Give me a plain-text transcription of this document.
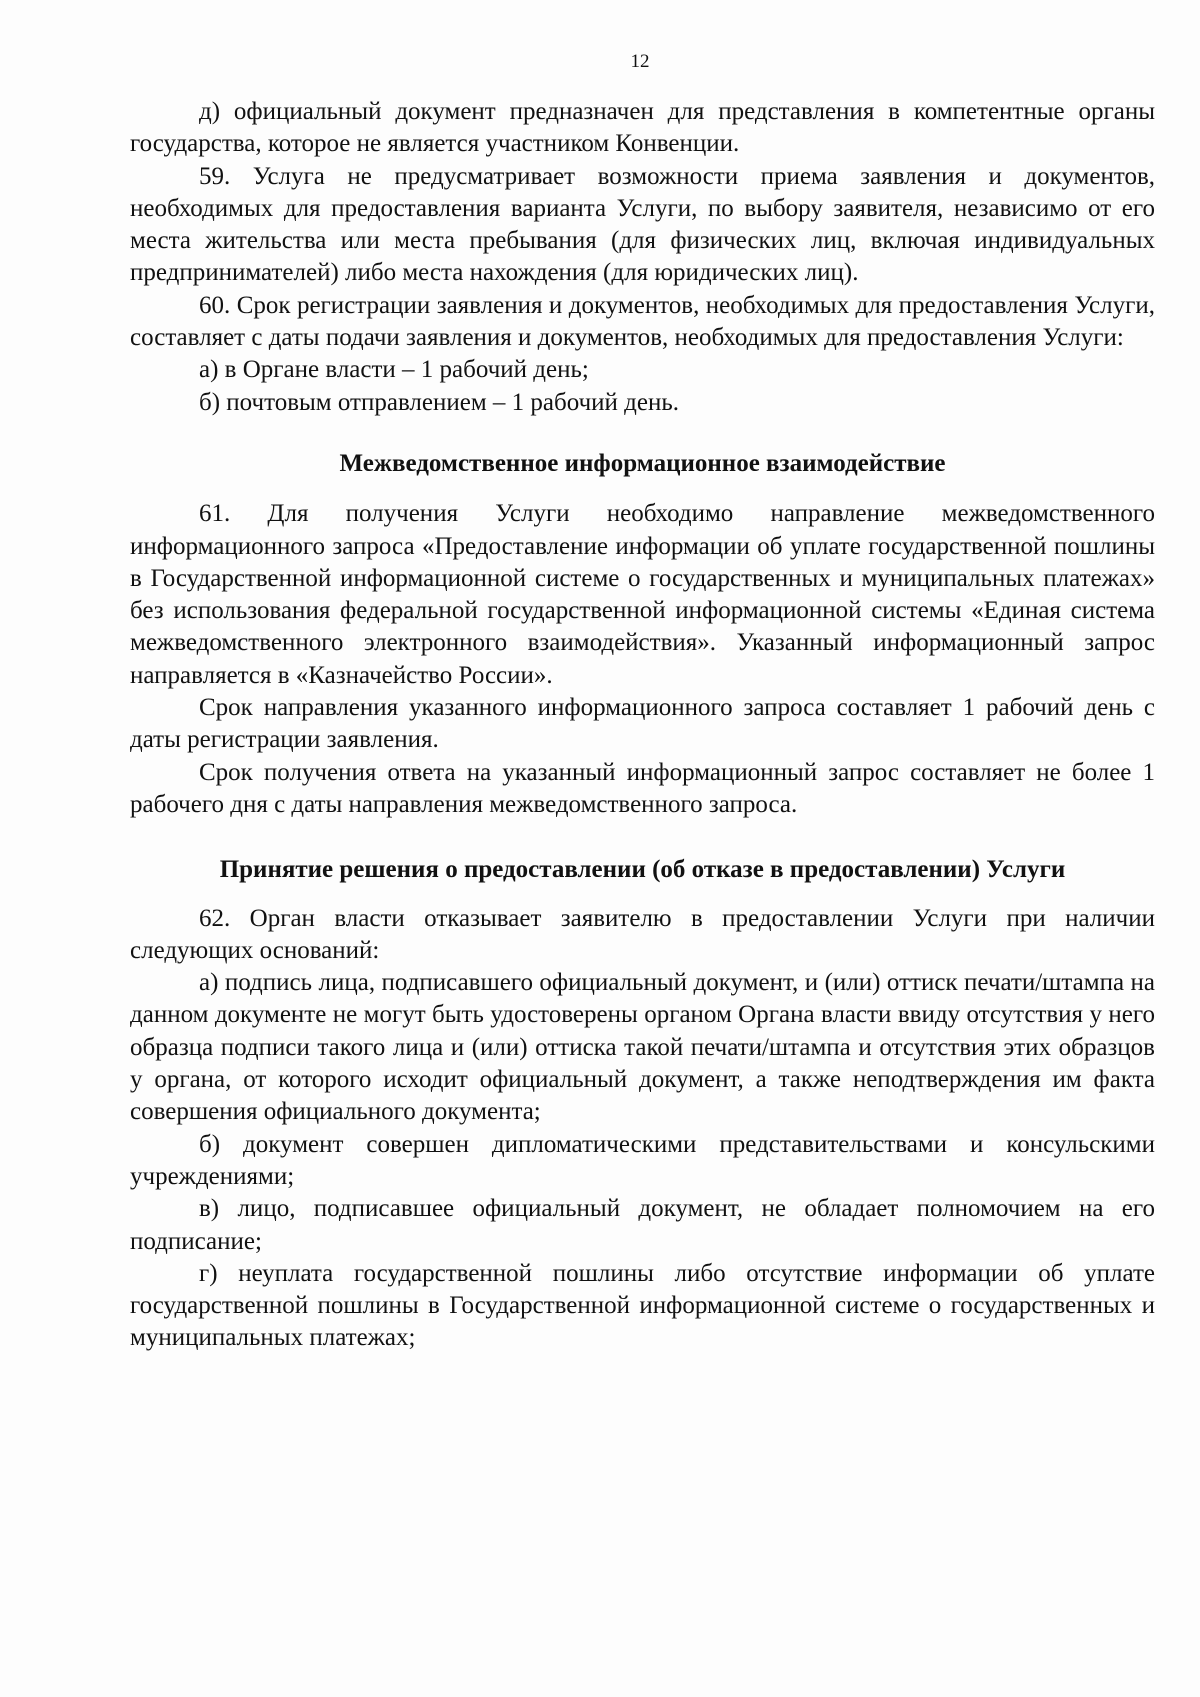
12

д) официальный документ предназначен для представления в компетентные органы государства, которое не является участником Конвенции.

59. Услуга не предусматривает возможности приема заявления и документов, необходимых для предоставления варианта Услуги, по выбору заявителя, независимо от его места жительства или места пребывания (для физических лиц, включая индивидуальных предпринимателей) либо места нахождения (для юридических лиц).

60. Срок регистрации заявления и документов, необходимых для предоставления Услуги, составляет с даты подачи заявления и документов, необходимых для предоставления Услуги:

а) в Органе власти – 1 рабочий день;

б) почтовым отправлением – 1 рабочий день.

Межведомственное информационное взаимодействие

61. Для получения Услуги необходимо направление межведомственного информационного запроса «Предоставление информации об уплате государственной пошлины в Государственной информационной системе о государственных и муниципальных платежах» без использования федеральной государственной информационной системы «Единая система межведомственного электронного взаимодействия». Указанный информационный запрос направляется в «Казначейство России».

Срок направления указанного информационного запроса составляет 1 рабочий день с даты регистрации заявления.

Срок получения ответа на указанный информационный запрос составляет не более 1 рабочего дня с даты направления межведомственного запроса.

Принятие решения о предоставлении (об отказе в предоставлении) Услуги

62. Орган власти отказывает заявителю в предоставлении Услуги при наличии следующих оснований:

а) подпись лица, подписавшего официальный документ, и (или) оттиск печати/штампа на данном документе не могут быть удостоверены органом Органа власти ввиду отсутствия у него образца подписи такого лица и (или) оттиска такой печати/штампа и отсутствия этих образцов у органа, от которого исходит официальный документ, а также неподтверждения им факта совершения официального документа;

б) документ совершен дипломатическими представительствами и консульскими учреждениями;

в) лицо, подписавшее официальный документ, не обладает полномочием на его подписание;

г) неуплата государственной пошлины либо отсутствие информации об уплате государственной пошлины в Государственной информационной системе о государственных и муниципальных платежах;
